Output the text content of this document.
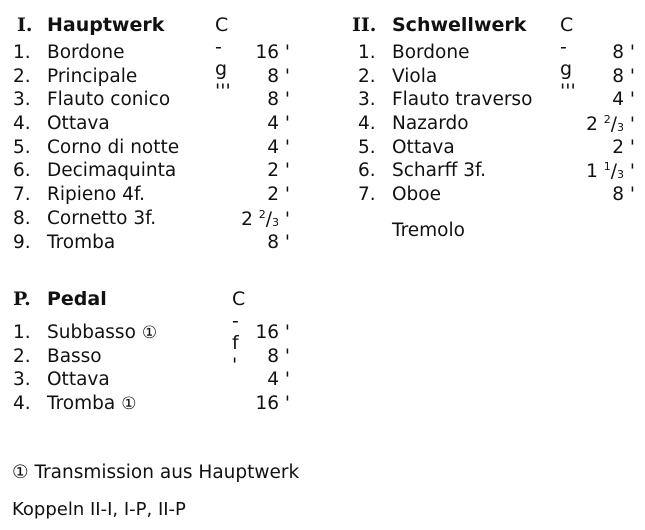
I. Hauptwerk	C - g '''
1. Bordone	16 '
2. Principale	8 '
3. Flauto conico	8 '
4. Ottava	4 '
5. Corno di notte	4 '
6. Decimaquinta	2 '
7. Ripieno 4f.	2 '
8. Cornetto 3f.	2 $^2/_3$ '
9. Tromba	8 '
II. Schwellwerk C - g '''
1. Bordone	8 '
2. Viola	8 '
3. Flauto traverso	4 '
4. Nazardo	2 $^2/_3$ '
5. Ottava	2 '
6. Scharff 3f.	1 $^1/_3$ '
7. Oboe	8 '
Tremolo
P. Pedal	C - f '
1. Subbasso ①	16 '
2. Basso	8 '
3. Ottava	4 '
4. Tromba ①	16 '
① Transmission aus Hauptwerk
Koppeln II-I, I-P, II-P
